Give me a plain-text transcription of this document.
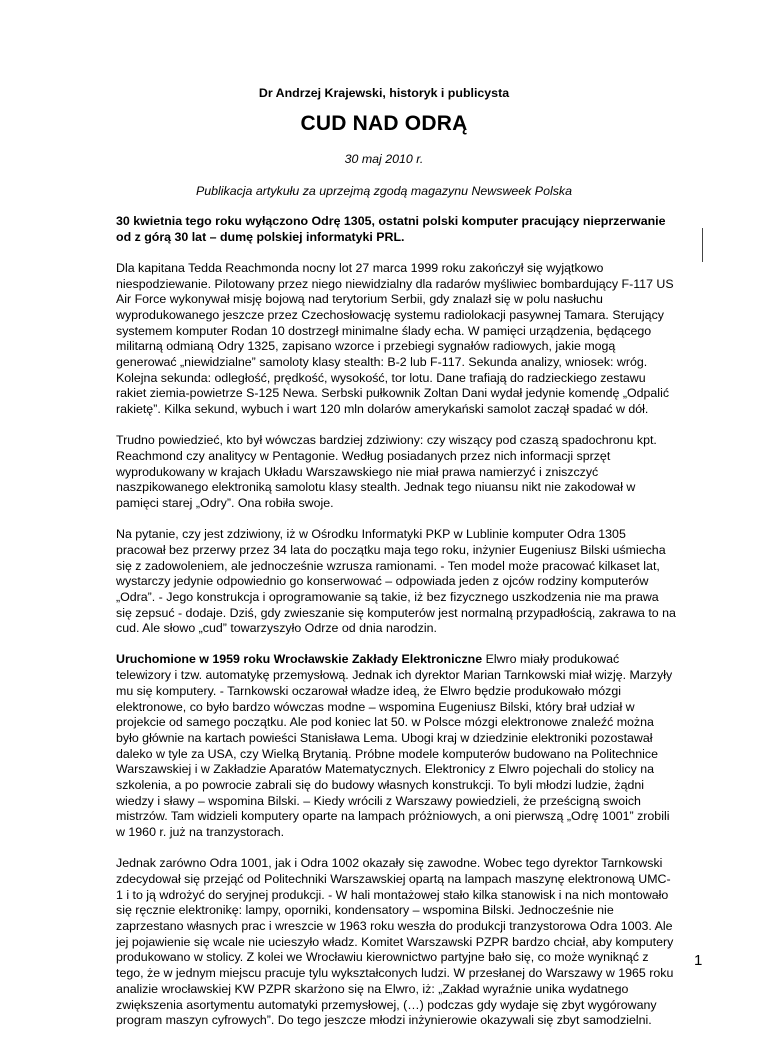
Dr Andrzej Krajewski, historyk i publicysta
CUD NAD ODRĄ
30 maj 2010 r.
Publikacja artykułu za uprzejmą zgodą magazynu Newsweek Polska

30 kwietnia tego roku wyłączono Odrę 1305, ostatni polski komputer pracujący nieprzerwanie od z górą 30 lat – dumę polskiej informatyki PRL.

Dla kapitana Tedda Reachmonda nocny lot 27 marca 1999 roku zakończył się wyjątkowo niespodziewanie. Pilotowany przez niego niewidzialny dla radarów myśliwiec bombardujący F-117 US Air Force wykonywał misję bojową nad terytorium Serbii, gdy znalazł się w polu nasłuchu wyprodukowanego jeszcze przez Czechosłowację systemu radiolokacji pasywnej Tamara. Sterujący systemem komputer Rodan 10 dostrzegł minimalne ślady echa. W pamięci urządzenia, będącego militarną odmianą Odry 1325, zapisano wzorce i przebiegi sygnałów radiowych, jakie mogą generować „niewidzialne” samoloty klasy stealth: B-2 lub F-117. Sekunda analizy, wniosek: wróg. Kolejna sekunda: odległość, prędkość, wysokość, tor lotu. Dane trafiają do radzieckiego zestawu rakiet ziemia-powietrze S-125 Newa. Serbski pułkownik Zoltan Dani wydał jedynie komendę „Odpalić rakietę”. Kilka sekund, wybuch i wart 120 mln dolarów amerykański samolot zaczął spadać w dół.

Trudno powiedzieć, kto był wówczas bardziej zdziwiony: czy wiszący pod czaszą spadochronu kpt. Reachmond czy analitycy w Pentagonie. Według posiadanych przez nich informacji sprzęt wyprodukowany w krajach Układu Warszawskiego nie miał prawa namierzyć i zniszczyć naszpikowanego elektroniką samolotu klasy stealth. Jednak tego niuansu nikt nie zakodował w pamięci starej „Odry”. Ona robiła swoje.

Na pytanie, czy jest zdziwiony, iż w Ośrodku Informatyki PKP w Lublinie komputer Odra 1305 pracował bez przerwy przez 34 lata do początku maja tego roku, inżynier Eugeniusz Bilski uśmiecha się z zadowoleniem, ale jednocześnie wzrusza ramionami. - Ten model może pracować kilkaset lat, wystarczy jedynie odpowiednio go konserwować – odpowiada jeden z ojców rodziny komputerów „Odra”. - Jego konstrukcja i oprogramowanie są takie, iż bez fizycznego uszkodzenia nie ma prawa się zepsuć - dodaje. Dziś, gdy zwieszanie się komputerów jest normalną przypadłością, zakrawa to na cud. Ale słowo „cud” towarzyszyło Odrze od dnia narodzin.

Uruchomione w 1959 roku Wrocławskie Zakłady Elektroniczne Elwro miały produkować telewizory i tzw. automatykę przemysłową. Jednak ich dyrektor Marian Tarnkowski miał wizję. Marzyły mu się komputery. - Tarnkowski oczarował władze ideą, że Elwro będzie produkowało mózgi elektronowe, co było bardzo wówczas modne – wspomina Eugeniusz Bilski, który brał udział w projekcie od samego początku. Ale pod koniec lat 50. w Polsce mózgi elektronowe znaleźć można było głównie na kartach powieści Stanisława Lema. Ubogi kraj w dziedzinie elektroniki pozostawał daleko w tyle za USA, czy Wielką Brytanią. Próbne modele komputerów budowano na Politechnice Warszawskiej i w Zakładzie Aparatów Matematycznych. Elektronicy z Elwro pojechali do stolicy na szkolenia, a po powrocie zabrali się do budowy własnych konstrukcji. To byli młodzi ludzie, żądni wiedzy i sławy – wspomina Bilski. – Kiedy wrócili z Warszawy powiedzieli, że prześcigną swoich mistrzów. Tam widzieli komputery oparte na lampach próżniowych, a oni pierwszą „Odrę 1001” zrobili w 1960 r. już na tranzystorach.

Jednak zarówno Odra 1001, jak i Odra 1002 okazały się zawodne. Wobec tego dyrektor Tarnkowski zdecydował się przejąć od Politechniki Warszawskiej opartą na lampach maszynę elektronową UMC-1 i to ją wdrożyć do seryjnej produkcji. - W hali montażowej stało kilka stanowisk i na nich montowało się ręcznie elektronikę: lampy, oporniki, kondensatory – wspomina Bilski. Jednocześnie nie zaprzestano własnych prac i wreszcie w 1963 roku weszła do produkcji tranzystorowa Odra 1003. Ale jej pojawienie się wcale nie ucieszyło władz. Komitet Warszawski PZPR bardzo chciał, aby komputery produkowano w stolicy. Z kolei we Wrocławiu kierownictwo partyjne bało się, co może wyniknąć z tego, że w jednym miejscu pracuje tylu wykształconych ludzi. W przesłanej do Warszawy w 1965 roku analizie wrocławskiej KW PZPR skarżono się na Elwro, iż: „Zakład wyraźnie unika wydatnego zwiększenia asortymentu automatyki przemysłowej, (…) podczas gdy wydaje się zbyt wygórowany program maszyn cyfrowych”. Do tego jeszcze młodzi inżynierowie okazywali się zbyt samodzielni.

1
